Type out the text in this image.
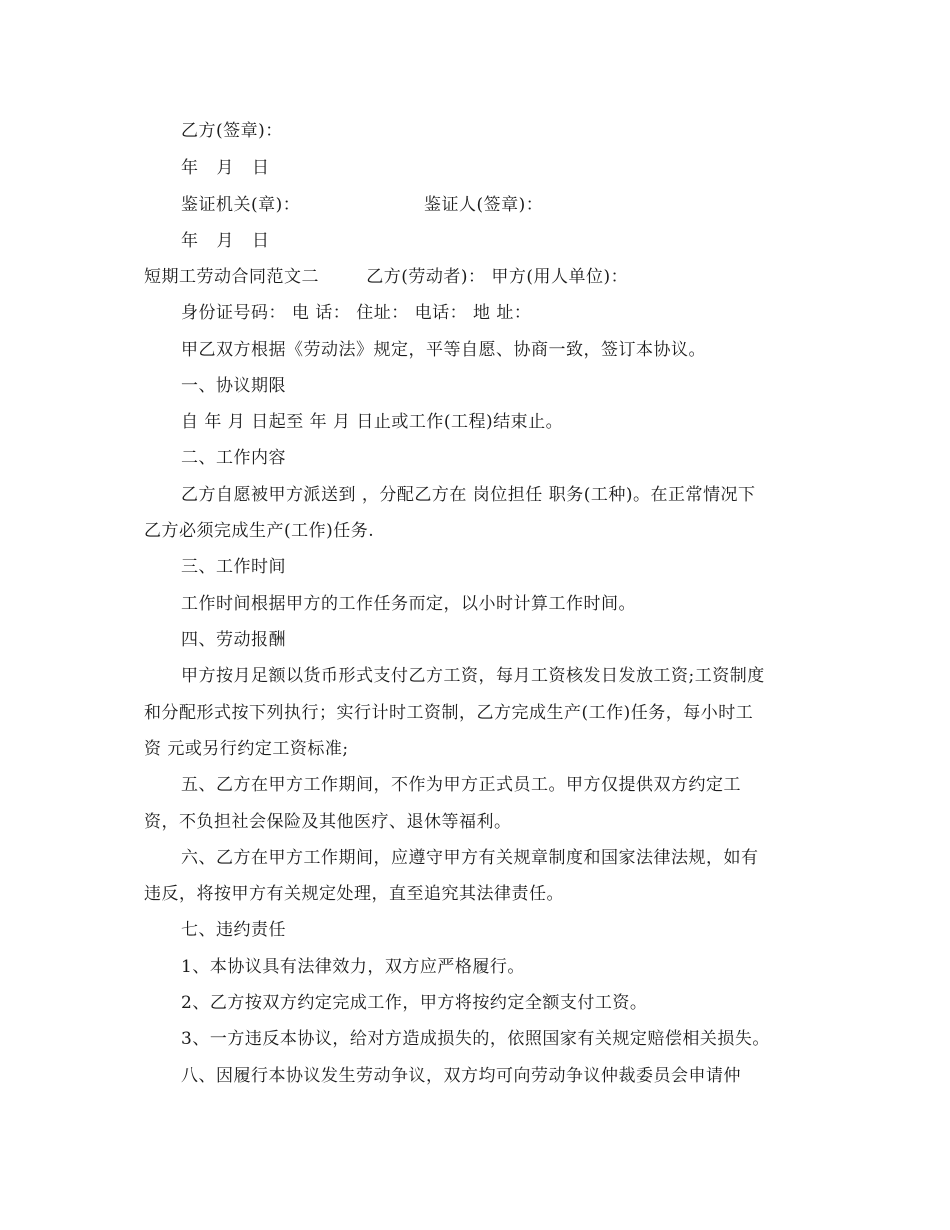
乙方(签章)：
年 月 日
鉴证机关(章)：	鉴证人(签章)：
年 月 日
短期工劳动合同范文二        乙方(劳动者)： 甲方(用人单位)：
身份证号码： 电 话： 住址： 电话： 地 址：
甲乙双方根据《劳动法》规定，平等自愿、协商一致，签订本协议。
一、协议期限
自 年 月 日起至 年 月 日止或工作(工程)结束止。
二、工作内容
乙方自愿被甲方派送到 ，分配乙方在 岗位担任 职务(工种)。在正常情况下
乙方必须完成生产(工作)任务.
三、工作时间
工作时间根据甲方的工作任务而定，以小时计算工作时间。
四、劳动报酬
甲方按月足额以货币形式支付乙方工资，每月工资核发日发放工资;工资制度
和分配形式按下列执行；实行计时工资制，乙方完成生产(工作)任务，每小时工
资 元或另行约定工资标准;
五、乙方在甲方工作期间，不作为甲方正式员工。甲方仅提供双方约定工
资，不负担社会保险及其他医疗、退休等福利。
六、乙方在甲方工作期间，应遵守甲方有关规章制度和国家法律法规，如有
违反，将按甲方有关规定处理，直至追究其法律责任。
七、违约责任
1、本协议具有法律效力，双方应严格履行。
2、乙方按双方约定完成工作，甲方将按约定全额支付工资。
3、一方违反本协议，给对方造成损失的，依照国家有关规定赔偿相关损失。
八、因履行本协议发生劳动争议，双方均可向劳动争议仲裁委员会申请仲
